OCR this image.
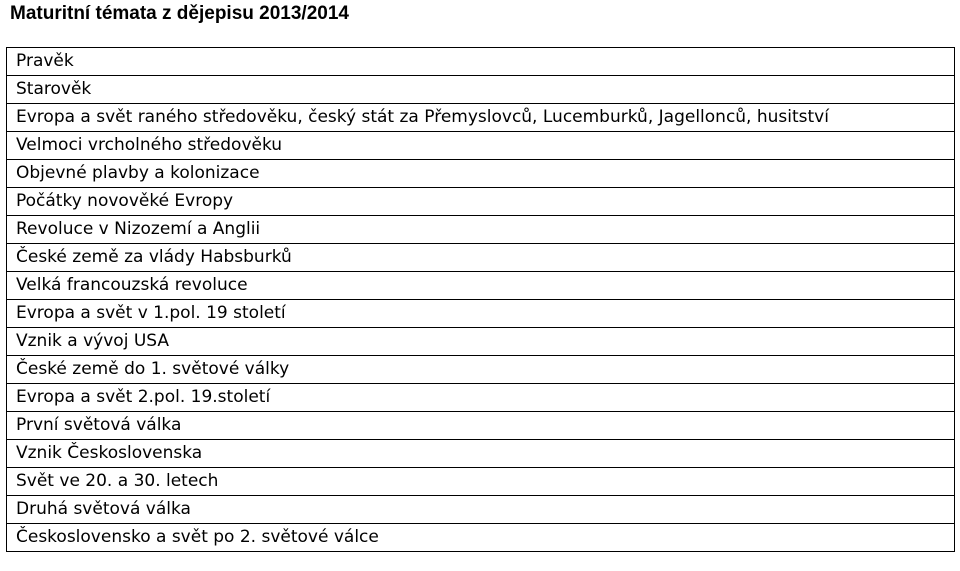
Maturitní témata z dějepisu 2013/2014
Pravěk
Starověk
Evropa a svět raného středověku, český stát za Přemyslovců, Lucemburků, Jagellonců, husitství
Velmoci vrcholného středověku
Objevné plavby a kolonizace
Počátky novověké Evropy
Revoluce v Nizozemí a Anglii
České země za vlády Habsburků
Velká francouzská revoluce
Evropa a svět v 1.pol. 19 století
Vznik a vývoj USA
České země do 1. světové války
Evropa a svět 2.pol. 19.století
První světová válka
Vznik Československa
Svět ve 20. a 30. letech
Druhá světová válka
Československo a svět po 2. světové válce
